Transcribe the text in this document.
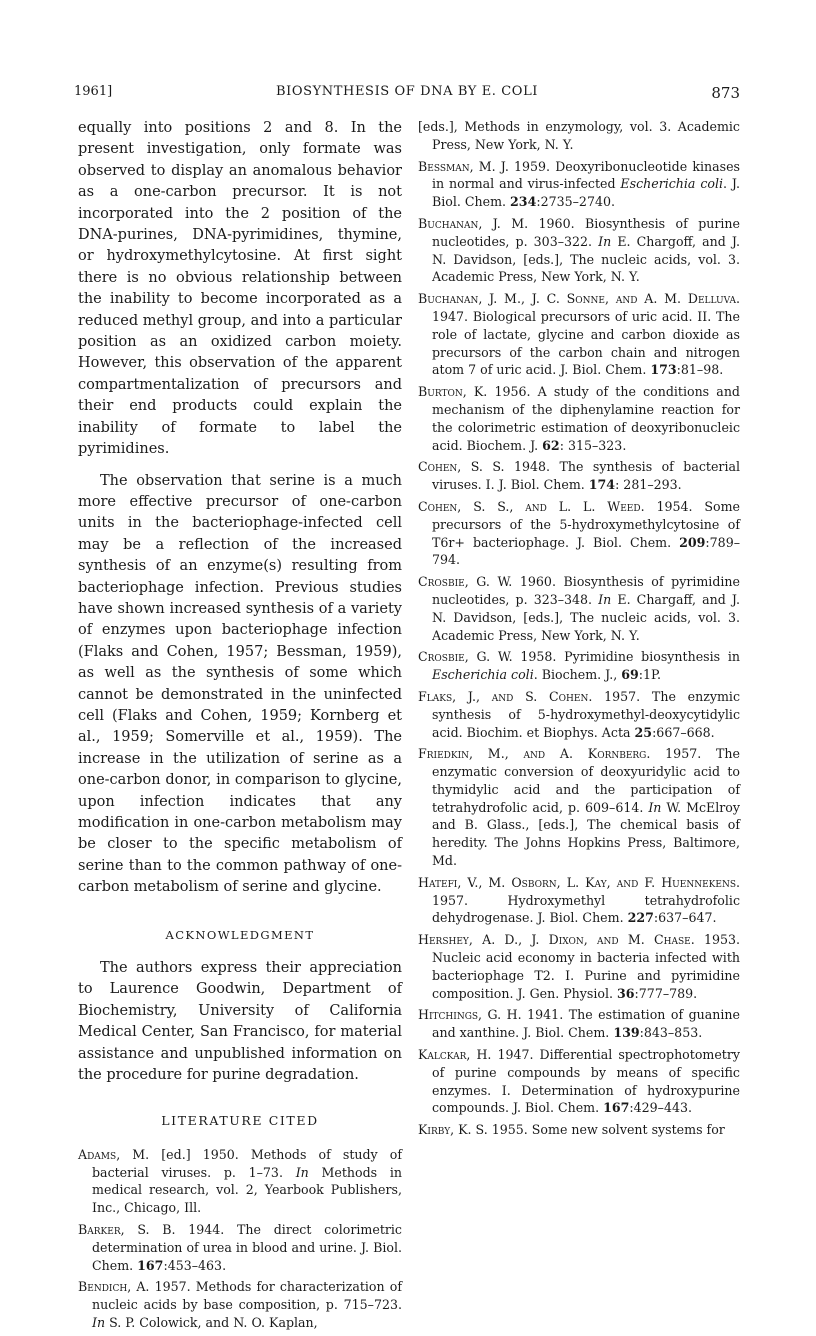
1961]	BIOSYNTHESIS OF DNA BY E. COLI	873

equally into positions 2 and 8. In the present investigation, only formate was observed to display an anomalous behavior as a one-carbon precursor. It is not incorporated into the 2 position of the DNA-purines, DNA-pyrimidines, thymine, or hydroxymethylcytosine. At first sight there is no obvious relationship between the inability to become incorporated as a reduced methyl group, and into a particular position as an oxidized carbon moiety. However, this observation of the apparent compartmentalization of precursors and their end products could explain the inability of formate to label the pyrimidines.

The observation that serine is a much more effective precursor of one-carbon units in the bacteriophage-infected cell may be a reflection of the increased synthesis of an enzyme(s) resulting from bacteriophage infection. Previous studies have shown increased synthesis of a variety of enzymes upon bacteriophage infection (Flaks and Cohen, 1957; Bessman, 1959), as well as the synthesis of some which cannot be demonstrated in the uninfected cell (Flaks and Cohen, 1959; Kornberg et al., 1959; Somerville et al., 1959). The increase in the utilization of serine as a one-carbon donor, in comparison to glycine, upon infection indicates that any modification in one-carbon metabolism may be closer to the specific metabolism of serine than to the common pathway of one-carbon metabolism of serine and glycine.

ACKNOWLEDGMENT

The authors express their appreciation to Laurence Goodwin, Department of Biochemistry, University of California Medical Center, San Francisco, for material assistance and unpublished information on the procedure for purine degradation.

LITERATURE CITED

Adams, M. [ed.] 1950. Methods of study of bacterial viruses. p. 1–73. In Methods in medical research, vol. 2, Yearbook Publishers, Inc., Chicago, Ill.

Barker, S. B. 1944. The direct colorimetric determination of urea in blood and urine. J. Biol. Chem. 167:453–463.

Bendich, A. 1957. Methods for characterization of nucleic acids by base composition, p. 715–723. In S. P. Colowick, and N. O. Kaplan,

[eds.], Methods in enzymology, vol. 3. Academic Press, New York, N. Y.

Bessman, M. J. 1959. Deoxyribonucleotide kinases in normal and virus-infected Escherichia coli. J. Biol. Chem. 234:2735–2740.

Buchanan, J. M. 1960. Biosynthesis of purine nucleotides, p. 303–322. In E. Chargoff, and J. N. Davidson, [eds.], The nucleic acids, vol. 3. Academic Press, New York, N. Y.

Buchanan, J. M., J. C. Sonne, and A. M. Delluva. 1947. Biological precursors of uric acid. II. The role of lactate, glycine and carbon dioxide as precursors of the carbon chain and nitrogen atom 7 of uric acid. J. Biol. Chem. 173:81–98.

Burton, K. 1956. A study of the conditions and mechanism of the diphenylamine reaction for the colorimetric estimation of deoxyribonucleic acid. Biochem. J. 62: 315–323.

Cohen, S. S. 1948. The synthesis of bacterial viruses. I. J. Biol. Chem. 174: 281–293.

Cohen, S. S., and L. L. Weed. 1954. Some precursors of the 5-hydroxymethylcytosine of T6r+ bacteriophage. J. Biol. Chem. 209:789–794.

Crosbie, G. W. 1960. Biosynthesis of pyrimidine nucleotides, p. 323–348. In E. Chargaff, and J. N. Davidson, [eds.], The nucleic acids, vol. 3. Academic Press, New York, N. Y.

Crosbie, G. W. 1958. Pyrimidine biosynthesis in Escherichia coli. Biochem. J., 69:1P.

Flaks, J., and S. Cohen. 1957. The enzymic synthesis of 5-hydroxymethyl-deoxycytidylic acid. Biochim. et Biophys. Acta 25:667–668.

Friedkin, M., and A. Kornberg. 1957. The enzymatic conversion of deoxyuridylic acid to thymidylic acid and the participation of tetrahydrofolic acid, p. 609–614. In W. McElroy and B. Glass., [eds.], The chemical basis of heredity. The Johns Hopkins Press, Baltimore, Md.

Hatefi, V., M. Osborn, L. Kay, and F. Huennekens. 1957. Hydroxymethyl tetrahydrofolic dehydrogenase. J. Biol. Chem. 227:637–647.

Hershey, A. D., J. Dixon, and M. Chase. 1953. Nucleic acid economy in bacteria infected with bacteriophage T2. I. Purine and pyrimidine composition. J. Gen. Physiol. 36:777–789.

Hitchings, G. H. 1941. The estimation of guanine and xanthine. J. Biol. Chem. 139:843–853.

Kalckar, H. 1947. Differential spectrophotometry of purine compounds by means of specific enzymes. I. Determination of hydroxypurine compounds. J. Biol. Chem. 167:429–443.

Kirby, K. S. 1955. Some new solvent systems for
